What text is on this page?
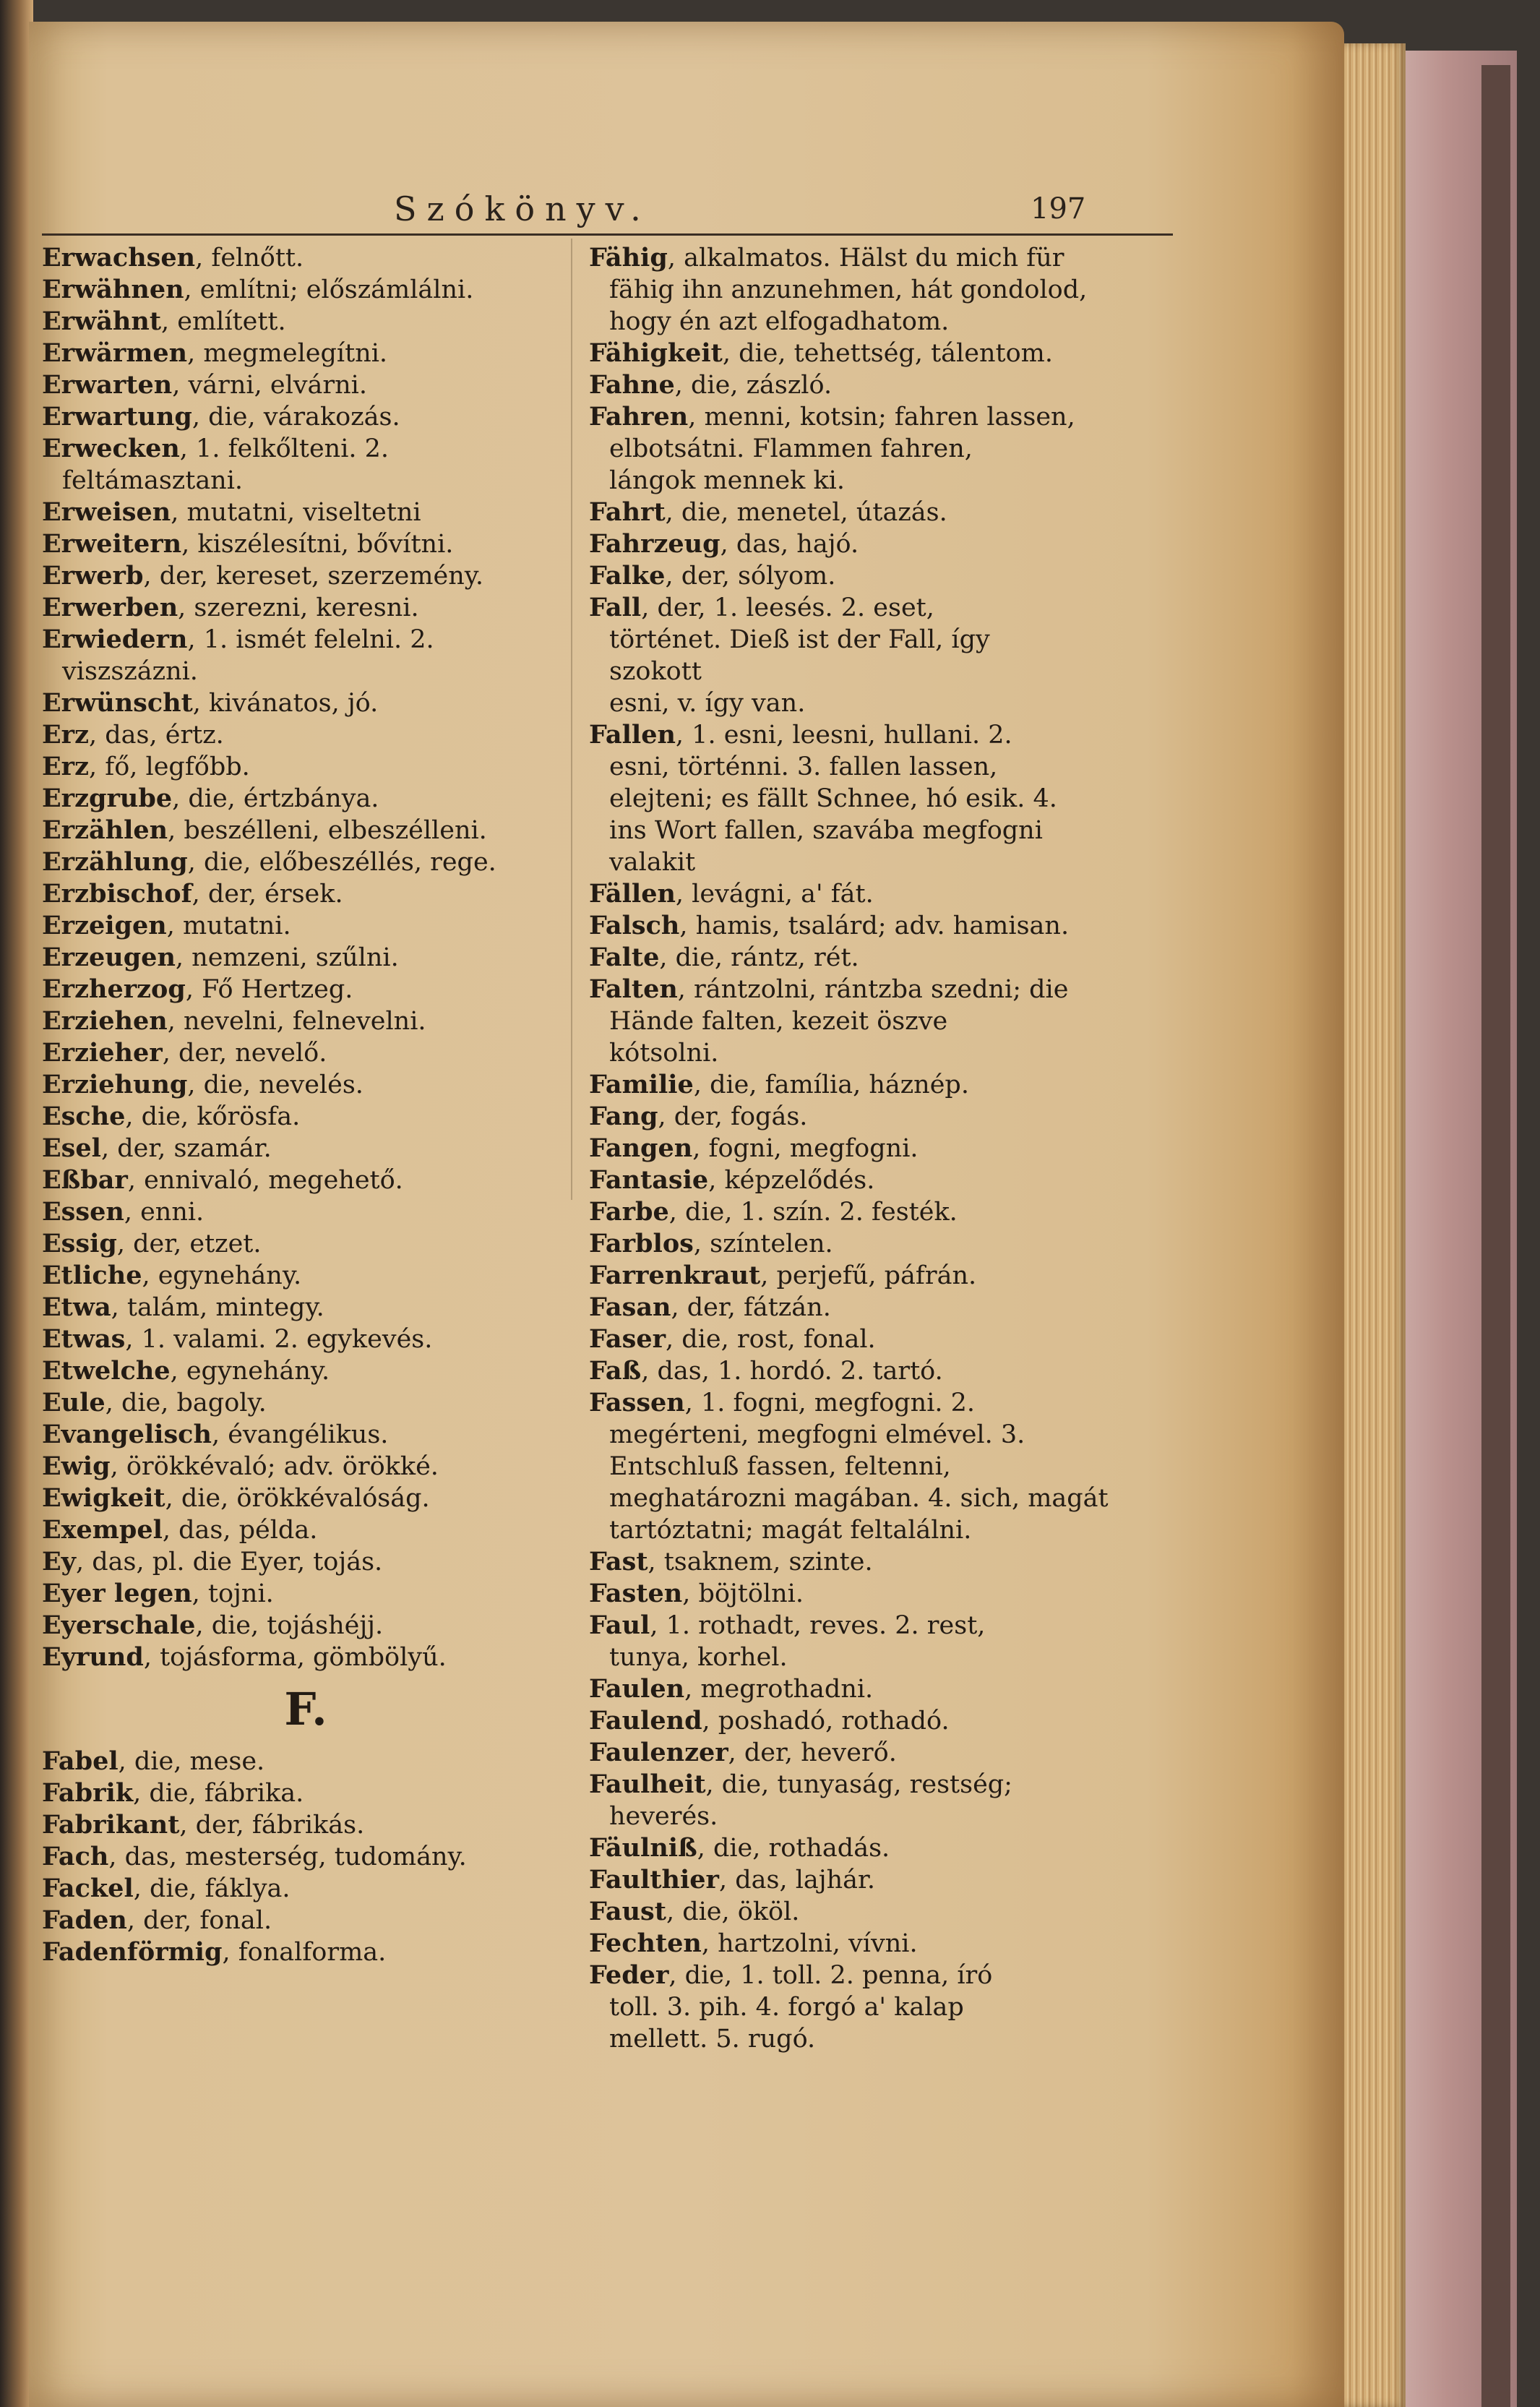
Szókönyv.	197
Erwachsen, felnőtt.
Erwähnen, említni; előszámlálni.
Erwähnt, említett.
Erwärmen, megmelegítni.
Erwarten, várni, elvárni.
Erwartung, die, várakozás.
Erwecken, 1. felkőlteni. 2.
feltámasztani.
Erweisen, mutatni, viseltetni
Erweitern, kiszélesítni, bővítni.
Erwerb, der, kereset, szerzemény.
Erwerben, szerezni, keresni.
Erwiedern, 1. ismét felelni. 2.
viszszázni.
Erwünscht, kivánatos, jó.
Erz, das, értz.
Erz, fő, legfőbb.
Erzgrube, die, értzbánya.
Erzählen, beszélleni, elbeszélleni.
Erzählung, die, előbeszéllés, rege.
Erzbischof, der, érsek.
Erzeigen, mutatni.
Erzeugen, nemzeni, szűlni.
Erzherzog, Fő Hertzeg.
Erziehen, nevelni, felnevelni.
Erzieher, der, nevelő.
Erziehung, die, nevelés.
Esche, die, kőrösfa.
Esel, der, szamár.
Eßbar, ennivaló, megehető.
Essen, enni.
Essig, der, etzet.
Etliche, egynehány.
Etwa, talám, mintegy.
Etwas, 1. valami. 2. egykevés.
Etwelche, egynehány.
Eule, die, bagoly.
Evangelisch, évangélikus.
Ewig, örökkévaló; adv. örökké.
Ewigkeit, die, örökkévalóság.
Exempel, das, példa.
Ey, das, pl. die Eyer, tojás.
Eyer legen, tojni.
Eyerschale, die, tojáshéjj.
Eyrund, tojásforma, gömbölyű.
F.
Fabel, die, mese.
Fabrik, die, fábrika.
Fabrikant, der, fábrikás.
Fach, das, mesterség, tudomány.
Fackel, die, fáklya.
Faden, der, fonal.
Fadenförmig, fonalforma.
Fähig, alkalmatos. Hälst du mich für
fähig ihn anzunehmen, hát gondolod,
hogy én azt elfogadhatom.
Fähigkeit, die, tehettség, tálentom.
Fahne, die, zászló.
Fahren, menni, kotsin; fahren lassen,
elbotsátni. Flammen fahren,
lángok mennek ki.
Fahrt, die, menetel, útazás.
Fahrzeug, das, hajó.
Falke, der, sólyom.
Fall, der, 1. leesés. 2. eset,
történet. Dieß ist der Fall, így
szokott
esni, v. így van.
Fallen, 1. esni, leesni, hullani. 2.
esni, történni. 3. fallen lassen,
elejteni; es fällt Schnee, hó esik. 4.
ins Wort fallen, szavába megfogni
valakit
Fällen, levágni, a' fát.
Falsch, hamis, tsalárd; adv. hamisan.
Falte, die, rántz, rét.
Falten, rántzolni, rántzba szedni; die
Hände falten, kezeit öszve
kótsolni.
Familie, die, família, háznép.
Fang, der, fogás.
Fangen, fogni, megfogni.
Fantasie, képzelődés.
Farbe, die, 1. szín. 2. festék.
Farblos, színtelen.
Farrenkraut, perjefű, páfrán.
Fasan, der, fátzán.
Faser, die, rost, fonal.
Faß, das, 1. hordó. 2. tartó.
Fassen, 1. fogni, megfogni. 2.
megérteni, megfogni elmével. 3.
Entschluß fassen, feltenni,
meghatározni magában. 4. sich, magát
tartóztatni; magát feltalálni.
Fast, tsaknem, szinte.
Fasten, böjtölni.
Faul, 1. rothadt, reves. 2. rest,
tunya, korhel.
Faulen, megrothadni.
Faulend, poshadó, rothadó.
Faulenzer, der, heverő.
Faulheit, die, tunyaság, restség;
heverés.
Fäulniß, die, rothadás.
Faulthier, das, lajhár.
Faust, die, ököl.
Fechten, hartzolni, vívni.
Feder, die, 1. toll. 2. penna, író
toll. 3. pih. 4. forgó a' kalap
mellett. 5. rugó.
